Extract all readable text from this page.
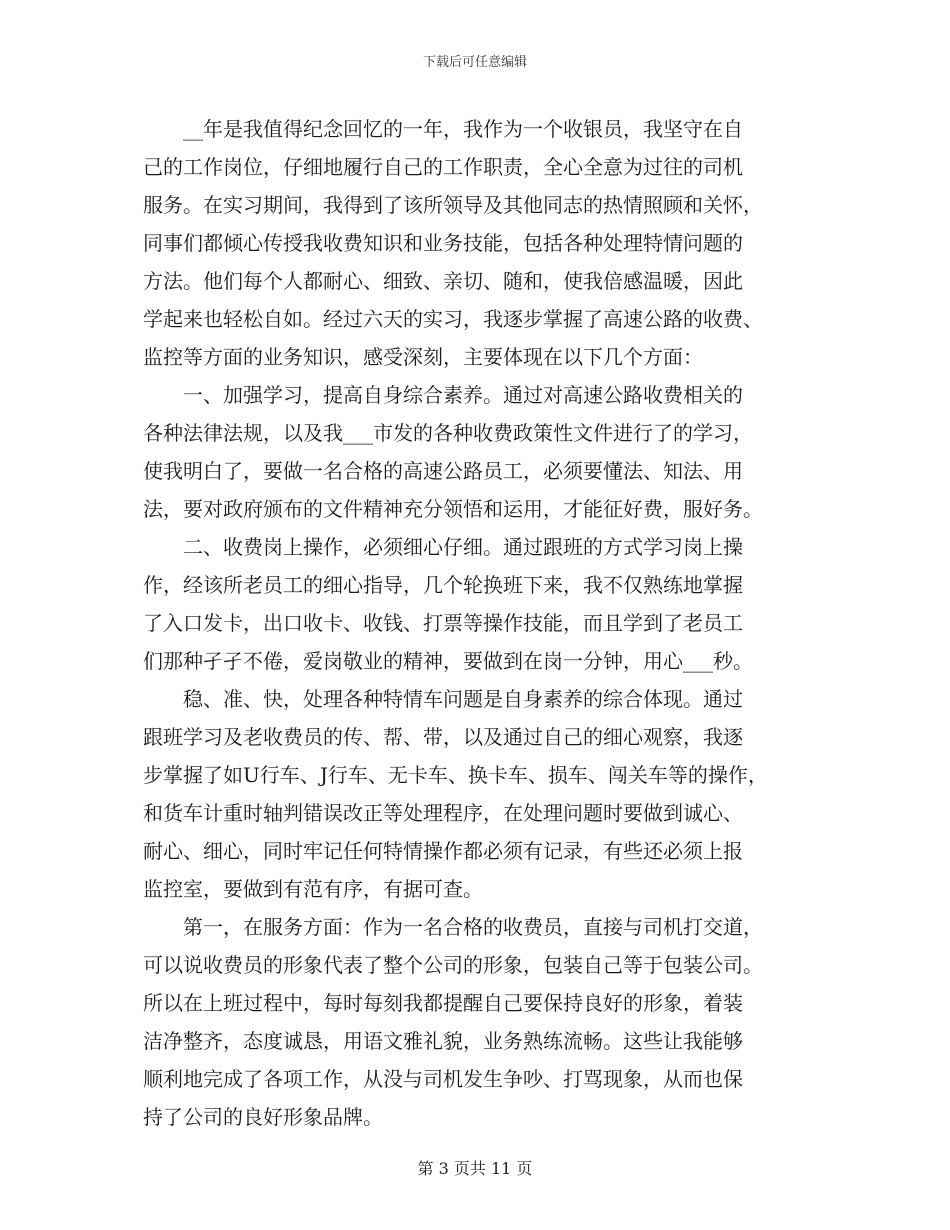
下载后可任意编辑
　　__年是我值得纪念回忆的一年，我作为一个收银员，我坚守在自
己的工作岗位，仔细地履行自己的工作职责，全心全意为过往的司机
服务。在实习期间，我得到了该所领导及其他同志的热情照顾和关怀，
同事们都倾心传授我收费知识和业务技能，包括各种处理特情问题的
方法。他们每个人都耐心、细致、亲切、随和，使我倍感温暖，因此
学起来也轻松自如。经过六天的实习，我逐步掌握了高速公路的收费、
监控等方面的业务知识，感受深刻，主要体现在以下几个方面：
　　一、加强学习，提高自身综合素养。通过对高速公路收费相关的
各种法律法规，以及我___市发的各种收费政策性文件进行了的学习，
使我明白了，要做一名合格的高速公路员工，必须要懂法、知法、用
法，要对政府颁布的文件精神充分领悟和运用，才能征好费，服好务。
　　二、收费岗上操作，必须细心仔细。通过跟班的方式学习岗上操
作，经该所老员工的细心指导，几个轮换班下来，我不仅熟练地掌握
了入口发卡，出口收卡、收钱、打票等操作技能，而且学到了老员工
们那种孑孑不倦，爱岗敬业的精神，要做到在岗一分钟，用心___秒。
　　稳、准、快，处理各种特情车问题是自身素养的综合体现。通过
跟班学习及老收费员的传、帮、带，以及通过自己的细心观察，我逐
步掌握了如U行车、J行车、无卡车、换卡车、损车、闯关车等的操作，
和货车计重时轴判错误改正等处理程序，在处理问题时要做到诚心、
耐心、细心，同时牢记任何特情操作都必须有记录，有些还必须上报
监控室，要做到有范有序，有据可查。
　　第一，在服务方面：作为一名合格的收费员，直接与司机打交道，
可以说收费员的形象代表了整个公司的形象，包装自己等于包装公司。
所以在上班过程中，每时每刻我都提醒自己要保持良好的形象，着装
洁净整齐，态度诚恳，用语文雅礼貌，业务熟练流畅。这些让我能够
顺利地完成了各项工作，从没与司机发生争吵、打骂现象，从而也保
持了公司的良好形象品牌。
第 3 页共 11 页
